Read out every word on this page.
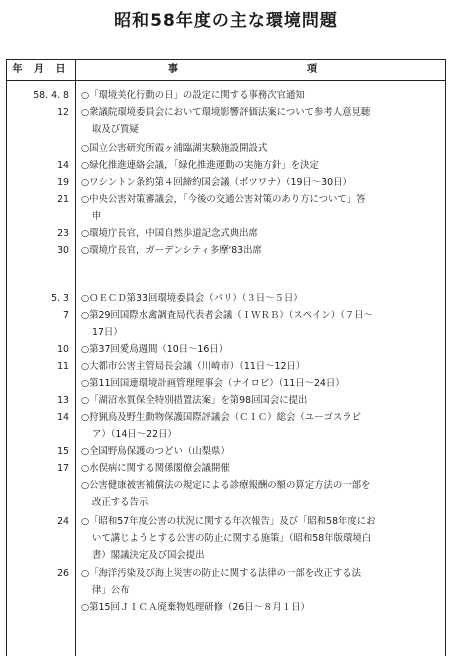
昭和58年度の主な環境問題
年 月 日	事	項
58. 4. 8 ○「環境美化行動の日」の設定に関する事務次官通知
12 ○衆議院環境委員会において環境影響評価法案について参考人意見聴
取及び質疑
○国立公害研究所霞ヶ浦臨湖実験施設開設式
14 ○緑化推進連絡会議，「緑化推進運動の実施方針」を決定
19 ○ワシントン条約第４回締約国会議（ボツワナ）（19日〜30日）
21 ○中央公害対策審議会，「今後の交通公害対策のあり方について」答
申
23 ○環境庁長官，中国自然歩道記念式典出席
30 ○環境庁長官，ガーデンシティ多摩'83出席
5. 3 ○ＯＥＣＤ第33回環境委員会（パリ）（３日〜５日）
7 ○第29回国際水禽調査局代表者会議（ＩＷＲＢ）（スペイン）（７日〜
17日）
10 ○第37回愛鳥週間（10日〜16日）
11 ○大都市公害主管局長会議（川崎市）（11日〜12日）
○第11回国連環境計画管理理事会（ナイロビ）（11日〜24日）
13 ○「湖沼水質保全特別措置法案」を第98回国会に提出
14 ○狩猟鳥及野生動物保護国際評議会（ＣＩＣ）総会（ユーゴスラビ
ア）（14日〜22日）
15 ○全国野鳥保護のつどい（山梨県）
17 ○水俣病に関する関係閣僚会議開催
○公害健康被害補償法の規定による診療報酬の額の算定方法の一部を
改正する告示
24 ○「昭和57年度公害の状況に関する年次報告」及び「昭和58年度にお
いて講じようとする公害の防止に関する施策」（昭和58年版環境白
書）閣議決定及び国会提出
26 ○「海洋汚染及び海上災害の防止に関する法律の一部を改正する法
律」公布
○第15回ＪＩＣＡ廃棄物処理研修（26日〜８月１日）
